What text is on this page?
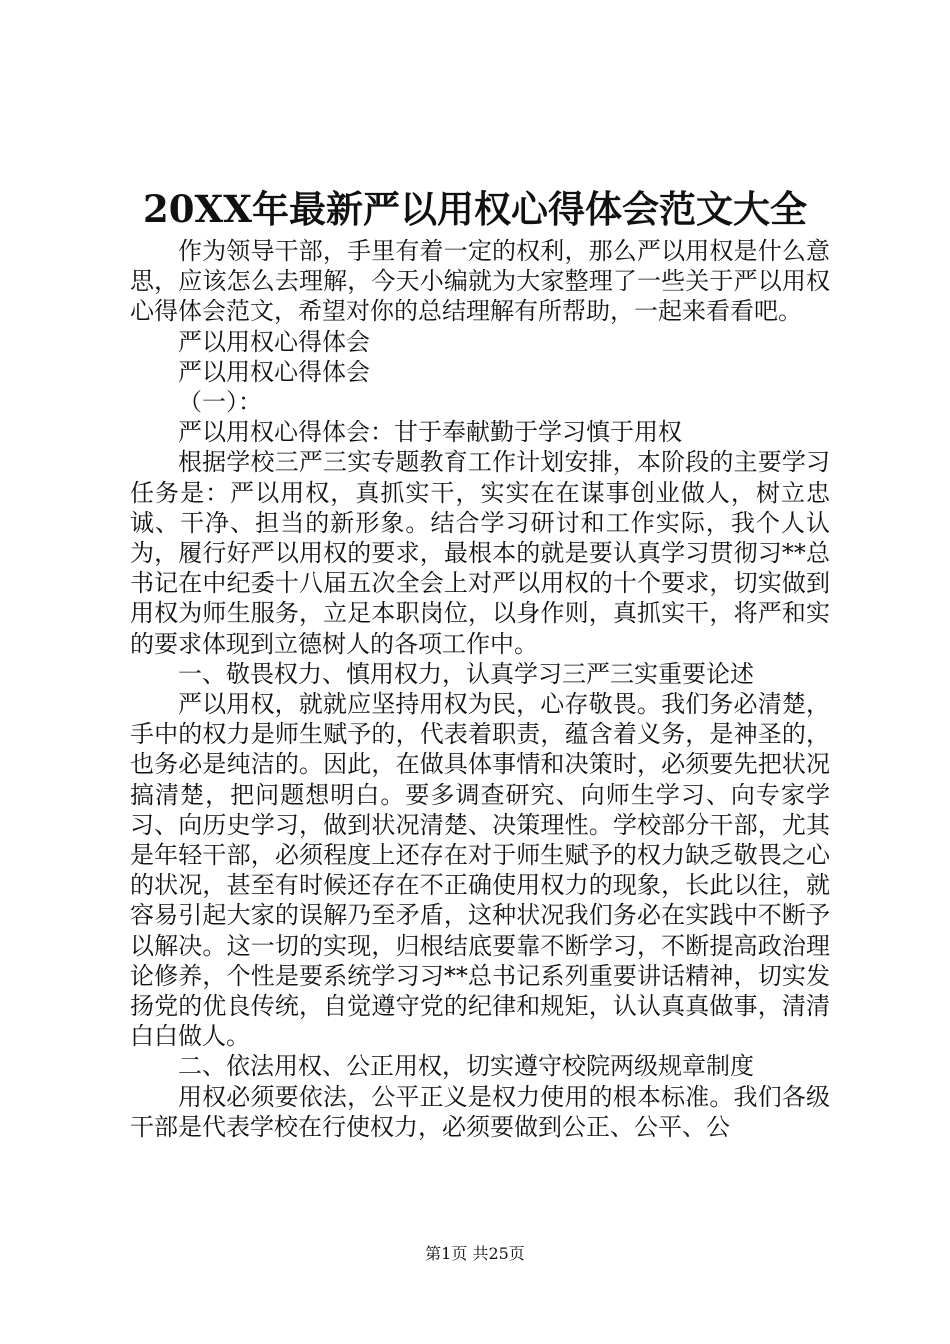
20XX年最新严以用权心得体会范文大全

作为领导干部，手里有着一定的权利，那么严以用权是什么意思，应该怎么去理解，今天小编就为大家整理了一些关于严以用权心得体会范文，希望对你的总结理解有所帮助，一起来看看吧。

严以用权心得体会

严以用权心得体会

（一）：

严以用权心得体会：甘于奉献勤于学习慎于用权

根据学校三严三实专题教育工作计划安排，本阶段的主要学习任务是：严以用权，真抓实干，实实在在谋事创业做人，树立忠诚、干净、担当的新形象。结合学习研讨和工作实际，我个人认为，履行好严以用权的要求，最根本的就是要认真学习贯彻习**总书记在中纪委十八届五次全会上对严以用权的十个要求，切实做到用权为师生服务，立足本职岗位，以身作则，真抓实干，将严和实的要求体现到立德树人的各项工作中。

一、敬畏权力、慎用权力，认真学习三严三实重要论述

严以用权，就就应坚持用权为民，心存敬畏。我们务必清楚，手中的权力是师生赋予的，代表着职责，蕴含着义务，是神圣的，也务必是纯洁的。因此，在做具体事情和决策时，必须要先把状况搞清楚，把问题想明白。要多调查研究、向师生学习、向专家学习、向历史学习，做到状况清楚、决策理性。学校部分干部，尤其是年轻干部，必须程度上还存在对于师生赋予的权力缺乏敬畏之心的状况，甚至有时候还存在不正确使用权力的现象，长此以往，就容易引起大家的误解乃至矛盾，这种状况我们务必在实践中不断予以解决。这一切的实现，归根结底要靠不断学习，不断提高政治理论修养，个性是要系统学习习**总书记系列重要讲话精神，切实发扬党的优良传统，自觉遵守党的纪律和规矩，认认真真做事，清清白白做人。

二、依法用权、公正用权，切实遵守校院两级规章制度

用权必须要依法，公平正义是权力使用的根本标准。我们各级干部是代表学校在行使权力，必须要做到公正、公平、公

第1页 共25页
